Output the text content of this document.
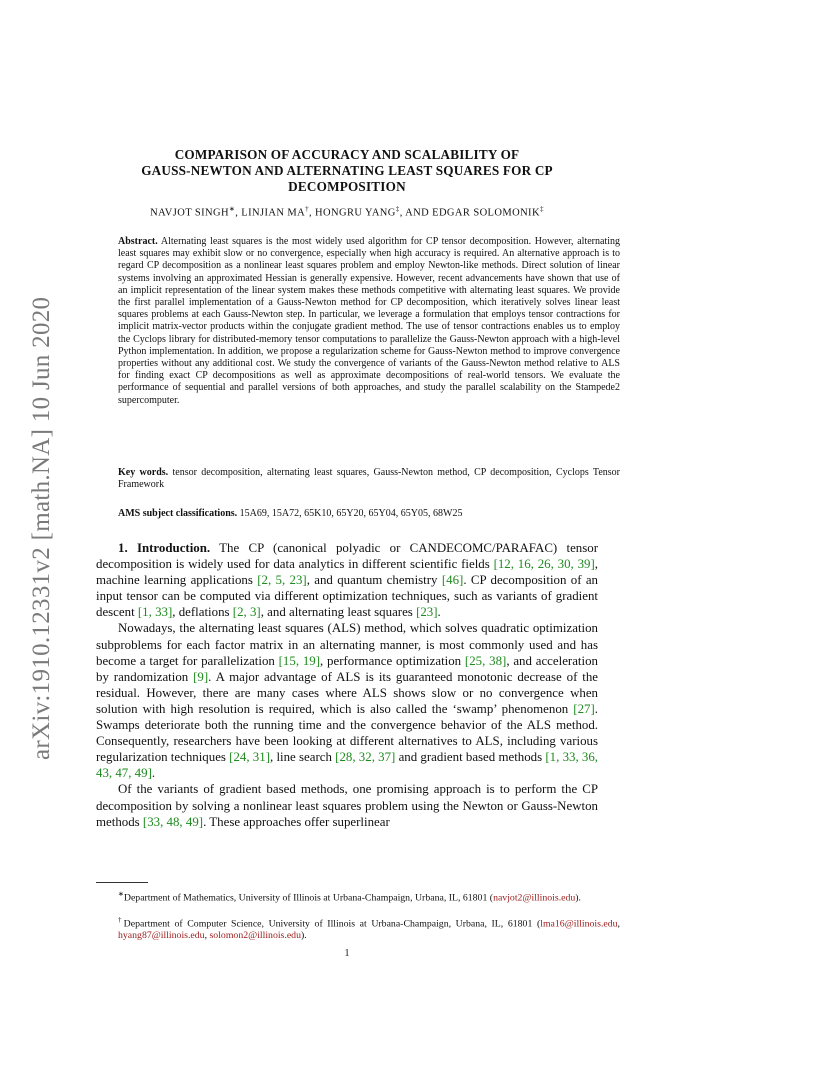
arXiv:1910.12331v2 [math.NA] 10 Jun 2020
COMPARISON OF ACCURACY AND SCALABILITY OF
GAUSS-NEWTON AND ALTERNATING LEAST SQUARES FOR CP
DECOMPOSITION
NAVJOT SINGH∗, LINJIAN MA†, HONGRU YANG‡, AND EDGAR SOLOMONIK‡
Abstract. Alternating least squares is the most widely used algorithm for CP tensor decomposition. However, alternating least squares may exhibit slow or no convergence, especially when high accuracy is required. An alternative approach is to regard CP decomposition as a nonlinear least squares problem and employ Newton-like methods. Direct solution of linear systems involving an approximated Hessian is generally expensive. However, recent advancements have shown that use of an implicit representation of the linear system makes these methods competitive with alternating least squares. We provide the first parallel implementation of a Gauss-Newton method for CP decomposition, which iteratively solves linear least squares problems at each Gauss-Newton step. In particular, we leverage a formulation that employs tensor contractions for implicit matrix-vector products within the conjugate gradient method. The use of tensor contractions enables us to employ the Cyclops library for distributed-memory tensor computations to parallelize the Gauss-Newton approach with a high-level Python implementation. In addition, we propose a regularization scheme for Gauss-Newton method to improve convergence properties without any additional cost. We study the convergence of variants of the Gauss-Newton method relative to ALS for finding exact CP decompositions as well as approximate decompositions of real-world tensors. We evaluate the performance of sequential and parallel versions of both approaches, and study the parallel scalability on the Stampede2 supercomputer.
Key words. tensor decomposition, alternating least squares, Gauss-Newton method, CP decomposition, Cyclops Tensor Framework
AMS subject classifications. 15A69, 15A72, 65K10, 65Y20, 65Y04, 65Y05, 68W25

1. Introduction. The CP (canonical polyadic or CANDECOMC/PARAFAC) tensor decomposition is widely used for data analytics in different scientific fields [12, 16, 26, 30, 39], machine learning applications [2, 5, 23], and quantum chemistry [46]. CP decomposition of an input tensor can be computed via different optimization techniques, such as variants of gradient descent [1, 33], deflations [2, 3], and alternating least squares [23].

Nowadays, the alternating least squares (ALS) method, which solves quadratic optimization subproblems for each factor matrix in an alternating manner, is most commonly used and has become a target for parallelization [15, 19], performance optimization [25, 38], and acceleration by randomization [9]. A major advantage of ALS is its guaranteed monotonic decrease of the residual. However, there are many cases where ALS shows slow or no convergence when solution with high resolution is required, which is also called the ‘swamp’ phenomenon [27]. Swamps deteriorate both the running time and the convergence behavior of the ALS method. Consequently, researchers have been looking at different alternatives to ALS, including various regularization techniques [24, 31], line search [28, 32, 37] and gradient based methods [1, 33, 36, 43, 47, 49].

Of the variants of gradient based methods, one promising approach is to perform the CP decomposition by solving a nonlinear least squares problem using the Newton or Gauss-Newton methods [33, 48, 49]. These approaches offer superlinear

∗Department of Mathematics, University of Illinois at Urbana-Champaign, Urbana, IL, 61801 (navjot2@illinois.edu).
†Department of Computer Science, University of Illinois at Urbana-Champaign, Urbana, IL, 61801 (lma16@illinois.edu, hyang87@illinois.edu, solomon2@illinois.edu).
1
